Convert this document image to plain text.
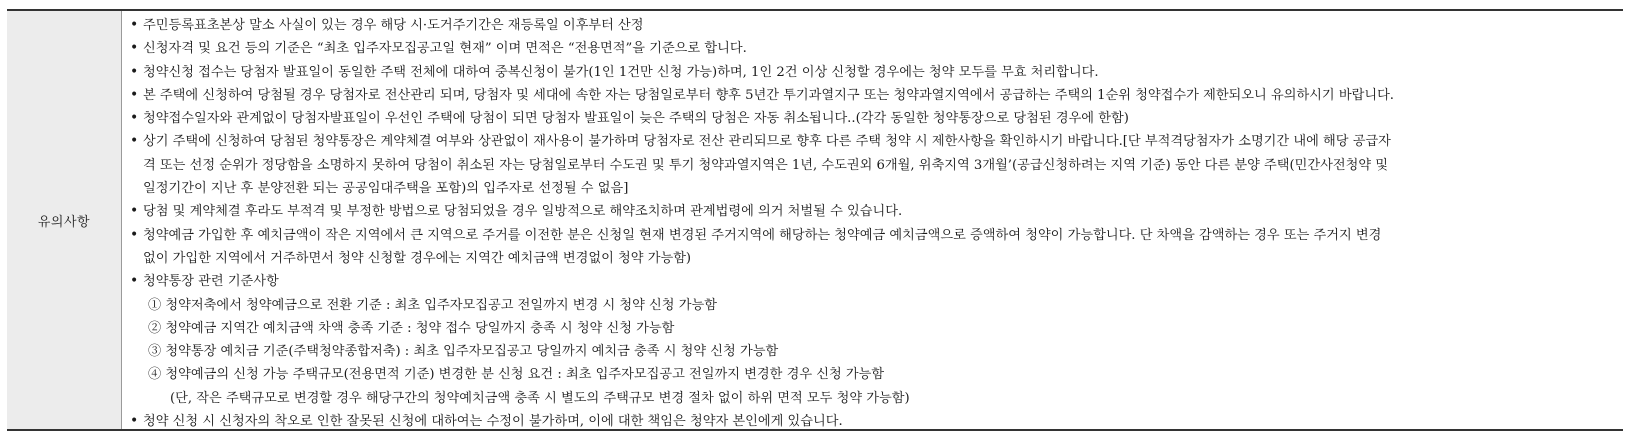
유의사항
• 주민등록표초본상 말소 사실이 있는 경우 해당 시·도거주기간은 재등록일 이후부터 산정
• 신청자격 및 요건 등의 기준은 “최초 입주자모집공고일 현재” 이며 면적은 “전용면적”을 기준으로 합니다.
• 청약신청 접수는 당첨자 발표일이 동일한 주택 전체에 대하여 중복신청이 불가(1인 1건만 신청 가능)하며, 1인 2건 이상 신청할 경우에는 청약 모두를 무효 처리합니다.
• 본 주택에 신청하여 당첨될 경우 당첨자로 전산관리 되며, 당첨자 및 세대에 속한 자는 당첨일로부터 향후 5년간 투기과열지구 또는 청약과열지역에서 공급하는 주택의 1순위 청약접수가 제한되오니 유의하시기 바랍니다.
• 청약접수일자와 관계없이 당첨자발표일이 우선인 주택에 당첨이 되면 당첨자 발표일이 늦은 주택의 당첨은 자동 취소됩니다..(각각 동일한 청약통장으로 당첨된 경우에 한함)
• 상기 주택에 신청하여 당첨된 청약통장은 계약체결 여부와 상관없이 재사용이 불가하며 당첨자로 전산 관리되므로 향후 다른 주택 청약 시 제한사항을 확인하시기 바랍니다.[단 부적격당첨자가 소명기간 내에 해당 공급자
격 또는 선정 순위가 정당함을 소명하지 못하여 당첨이 취소된 자는 당첨일로부터 수도권 및 투기 청약과열지역은 1년, 수도권외 6개월, 위축지역 3개월’(공급신청하려는 지역 기준) 동안 다른 분양 주택(민간사전청약 및
일정기간이 지난 후 분양전환 되는 공공임대주택을 포함)의 입주자로 선정될 수 없음]
• 당첨 및 계약체결 후라도 부적격 및 부정한 방법으로 당첨되었을 경우 일방적으로 해약조치하며 관계법령에 의거 처벌될 수 있습니다.
• 청약예금 가입한 후 예치금액이 작은 지역에서 큰 지역으로 주거를 이전한 분은 신청일 현재 변경된 주거지역에 해당하는 청약예금 예치금액으로 증액하여 청약이 가능합니다. 단 차액을 감액하는 경우 또는 주거지 변경
없이 가입한 지역에서 거주하면서 청약 신청할 경우에는 지역간 예치금액 변경없이 청약 가능함)
• 청약통장 관련 기준사항
① 청약저축에서 청약예금으로 전환 기준 : 최초 입주자모집공고 전일까지 변경 시 청약 신청 가능함
② 청약예금 지역간 예치금액 차액 충족 기준 : 청약 접수 당일까지 충족 시 청약 신청 가능함
③ 청약통장 예치금 기준(주택청약종합저축) : 최초 입주자모집공고 당일까지 예치금 충족 시 청약 신청 가능함
④ 청약예금의 신청 가능 주택규모(전용면적 기준) 변경한 분 신청 요건 : 최초 입주자모집공고 전일까지 변경한 경우 신청 가능함
(단, 작은 주택규모로 변경할 경우 해당구간의 청약예치금액 충족 시 별도의 주택규모 변경 절차 없이 하위 면적 모두 청약 가능함)
• 청약 신청 시 신청자의 착오로 인한 잘못된 신청에 대하여는 수정이 불가하며, 이에 대한 책임은 청약자 본인에게 있습니다.
